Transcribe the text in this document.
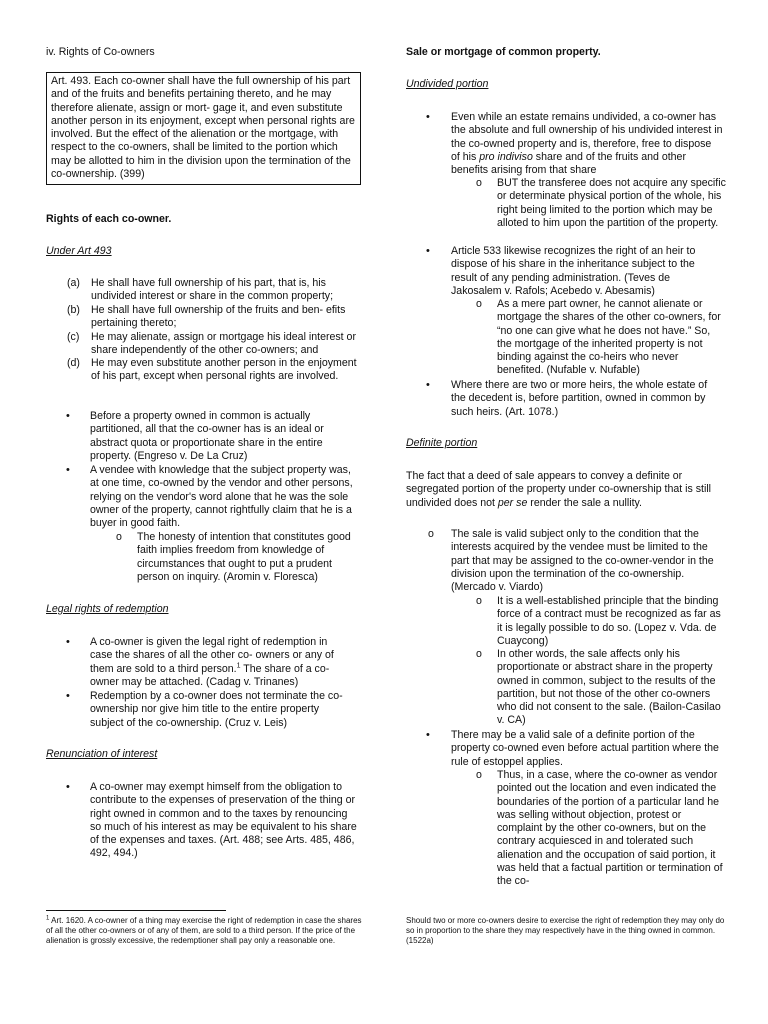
iv. Rights of Co-owners

Art. 493. Each co-owner shall have the full ownership of his part and of the fruits and benefits pertaining thereto, and he may therefore alienate, assign or mort- gage it, and even substitute another person in its enjoyment, except when personal rights are involved. But the effect of the alienation or the mortgage, with respect to the co-owners, shall be limited to the portion which may be allotted to him in the division upon the termination of the co-ownership. (399)

Rights of each co-owner.

Under Art 493

(a) He shall have full ownership of his part, that is, his undivided interest or share in the common property;
(b) He shall have full ownership of the fruits and ben- efits pertaining thereto;
(c) He may alienate, assign or mortgage his ideal interest or share independently of the other co-owners; and
(d) He may even substitute another person in the enjoyment of his part, except when personal rights are involved.
•	Before a property owned in common is actually partitioned, all that the co-owner has is an ideal or abstract quota or proportionate share in the entire property. (Engreso v. De La Cruz)
•	A vendee with knowledge that the subject property was, at one time, co-owned by the vendor and other persons, relying on the vendor's word alone that he was the sole owner of the property, cannot rightfully claim that he is a buyer in good faith.
o	The honesty of intention that constitutes good faith implies freedom from knowledge of circumstances that ought to put a prudent person on inquiry. (Aromin v. Floresca)

Legal rights of redemption

•	A co-owner is given the legal right of redemption in case the shares of all the other co- owners or any of them are sold to a third person.$^1$ The share of a co-owner may be attached. (Cadag v. Trinanes)
•	Redemption by a co-owner does not terminate the co-ownership nor give him title to the entire property subject of the co-ownership. (Cruz v. Leis)

Renunciation of interest

•	A co-owner may exempt himself from the obligation to contribute to the expenses of preservation of the thing or right owned in common and to the taxes by renouncing so much of his interest as may be equivalent to his share of the expenses and taxes. (Art. 488; see Arts. 485, 486, 492, 494.)

$^1$ Art. 1620. A co-owner of a thing may exercise the right of redemption in case the shares of all the other co-owners or of any of them, are sold to a third person. If the price of the alienation is grossly excessive, the redemptioner shall pay only a reasonable one.

Sale or mortgage of common property.

Undivided portion

•	Even while an estate remains undivided, a co-owner has the absolute and full ownership of his undivided interest in the co-owned property and is, therefore, free to dispose of his pro indiviso share and of the fruits and other benefits arising from that share
o	BUT the transferee does not acquire any specific or determinate physical portion of the whole, his right being limited to the portion which may be alloted to him upon the partition of the property.
•	Article 533 likewise recognizes the right of an heir to dispose of his share in the inheritance subject to the result of any pending administration. (Teves de Jakosalem v. Rafols; Acebedo v. Abesamis)
o	As a mere part owner, he cannot alienate or mortgage the shares of the other co-owners, for “no one can give what he does not have.” So, the mortgage of the inherited property is not binding against the co-heirs who never benefited. (Nufable v. Nufable)
•	Where there are two or more heirs, the whole estate of the decedent is, before partition, owned in common by such heirs. (Art. 1078.)

Definite portion

The fact that a deed of sale appears to convey a definite or segregated portion of the property under co-ownership that is still undivided does not per se render the sale a nullity.

o	The sale is valid subject only to the condition that the interests acquired by the vendee must be limited to the part that may be assigned to the co-owner-vendor in the division upon the termination of the co-ownership. (Mercado v. Viardo)
o	It is a well-established principle that the binding force of a contract must be recognized as far as it is legally possible to do so. (Lopez v. Vda. de Cuaycong)
o	In other words, the sale affects only his proportionate or abstract share in the property owned in common, subject to the results of the partition, but not those of the other co-owners who did not consent to the sale. (Bailon-Casilao v. CA)
•	There may be a valid sale of a definite portion of the property co-owned even before actual partition where the rule of estoppel applies.
o	Thus, in a case, where the co-owner as vendor pointed out the location and even indicated the boundaries of the portion of a particular land he was selling without objection, protest or complaint by the other co-owners, but on the contrary acquiesced in and tolerated such alienation and the occupation of said portion, it was held that a factual partition or termination of the co-

Should two or more co-owners desire to exercise the right of redemption they may only do so in proportion to the share they may respectively have in the thing owned in common. (1522a)
